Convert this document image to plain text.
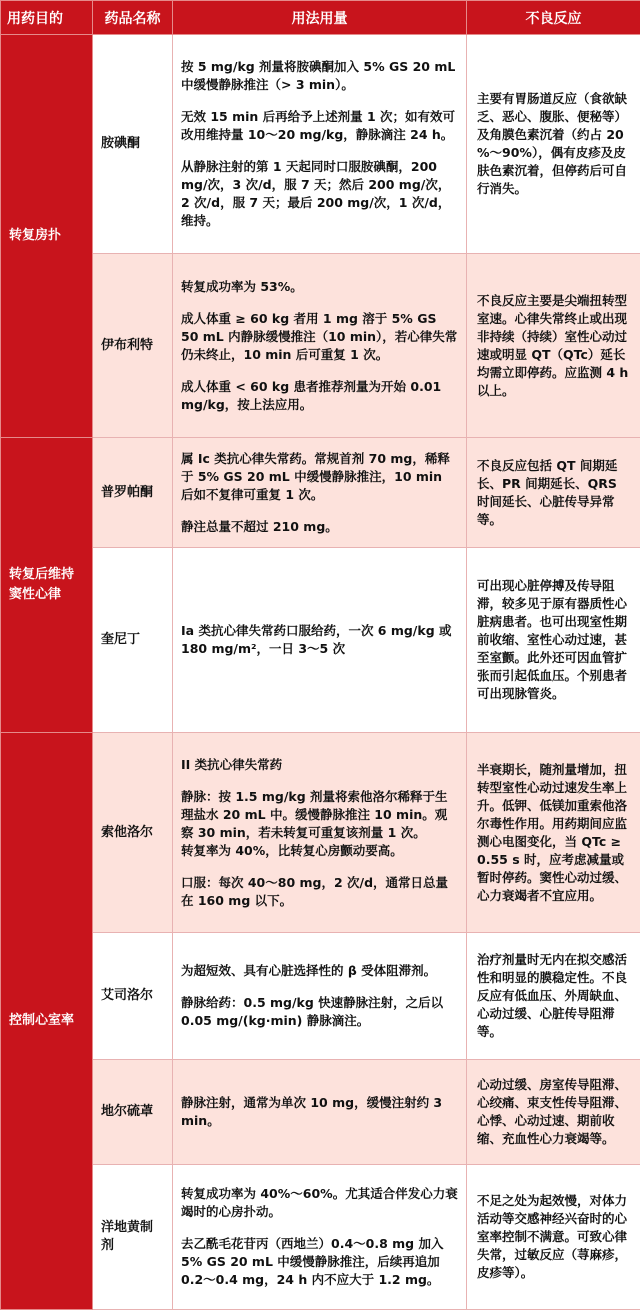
用药目的	药品名称	用法用量	不良反应
转复房扑	胺碘酮	按 5 mg/kg 剂量将胺碘酮加入 5% GS 20 mL 中缓慢静脉推注（> 3 min）。

无效 15 min 后再给予上述剂量 1 次；如有效可改用维持量 10～20 mg/kg，静脉滴注 24 h。

从静脉注射的第 1 天起同时口服胺碘酮，200 mg/次，3 次/d，服 7 天；然后 200 mg/次，2 次/d，服 7 天；最后 200 mg/次，1 次/d，维持。	主要有胃肠道反应（食欲缺乏、恶心、腹胀、便秘等）及角膜色素沉着（约占 20 %～90%），偶有皮疹及皮肤色素沉着，但停药后可自行消失。

	伊布利特	转复成功率为 53%。

成人体重 ≥ 60 kg 者用 1 mg 溶于 5% GS 50 mL 内静脉缓慢推注（10 min），若心律失常仍未终止，10 min 后可重复 1 次。

成人体重 < 60 kg 患者推荐剂量为开始 0.01 mg/kg，按上法应用。	不良反应主要是尖端扭转型室速。心律失常终止或出现非持续（持续）室性心动过速或明显 QT（QTc）延长均需立即停药。应监测 4 h 以上。

转复后维持窦性心律	普罗帕酮	属 Ic 类抗心律失常药。常规首剂 70 mg，稀释于 5% GS 20 mL 中缓慢静脉推注，10 min 后如不复律可重复 1 次。

静注总量不超过 210 mg。	不良反应包括 QT 间期延长、PR 间期延长、QRS 时间延长、心脏传导异常等。

	奎尼丁	Ia 类抗心律失常药口服给药，一次 6 mg/kg 或 180 mg/m²，一日 3～5 次	可出现心脏停搏及传导阻滞，较多见于原有器质性心脏病患者。也可出现室性期前收缩、室性心动过速，甚至室颤。此外还可因血管扩张而引起低血压。个别患者可出现脉管炎。

控制心室率	索他洛尔	II 类抗心律失常药

静脉：按 1.5 mg/kg 剂量将索他洛尔稀释于生理盐水 20 mL 中。缓慢静脉推注 10 min。观察 30 min，若未转复可重复该剂量 1 次。

转复率为 40%，比转复心房颤动要高。

口服：每次 40～80 mg，2 次/d，通常日总量在 160 mg 以下。	半衰期长，随剂量增加，扭转型室性心动过速发生率上升。低钾、低镁加重索他洛尔毒性作用。用药期间应监测心电图变化，当 QTc ≥ 0.55 s 时，应考虑减量或暂时停药。窦性心动过缓、心力衰竭者不宜应用。

	艾司洛尔	为超短效、具有心脏选择性的 β 受体阻滞剂。

静脉给药：0.5 mg/kg 快速静脉注射，之后以 0.05 mg/(kg·min) 静脉滴注。	治疗剂量时无内在拟交感活性和明显的膜稳定性。不良反应有低血压、外周缺血、心动过缓、心脏传导阻滞等。

	地尔硫䓬	静脉注射，通常为单次 10 mg，缓慢注射约 3 min。	心动过缓、房室传导阻滞、心绞痛、束支性传导阻滞、心悸、心动过速、期前收缩、充血性心力衰竭等。

	洋地黄制剂	转复成功率为 40%～60%。尤其适合伴发心力衰竭时的心房扑动。

去乙酰毛花苷丙（西地兰）0.4～0.8 mg 加入 5% GS 20 mL 中缓慢静脉推注，后续再追加 0.2～0.4 mg，24 h 内不应大于 1.2 mg。	不足之处为起效慢，对体力活动等交感神经兴奋时的心室率控制不满意。可致心律失常，过敏反应（荨麻疹，皮疹等）。
